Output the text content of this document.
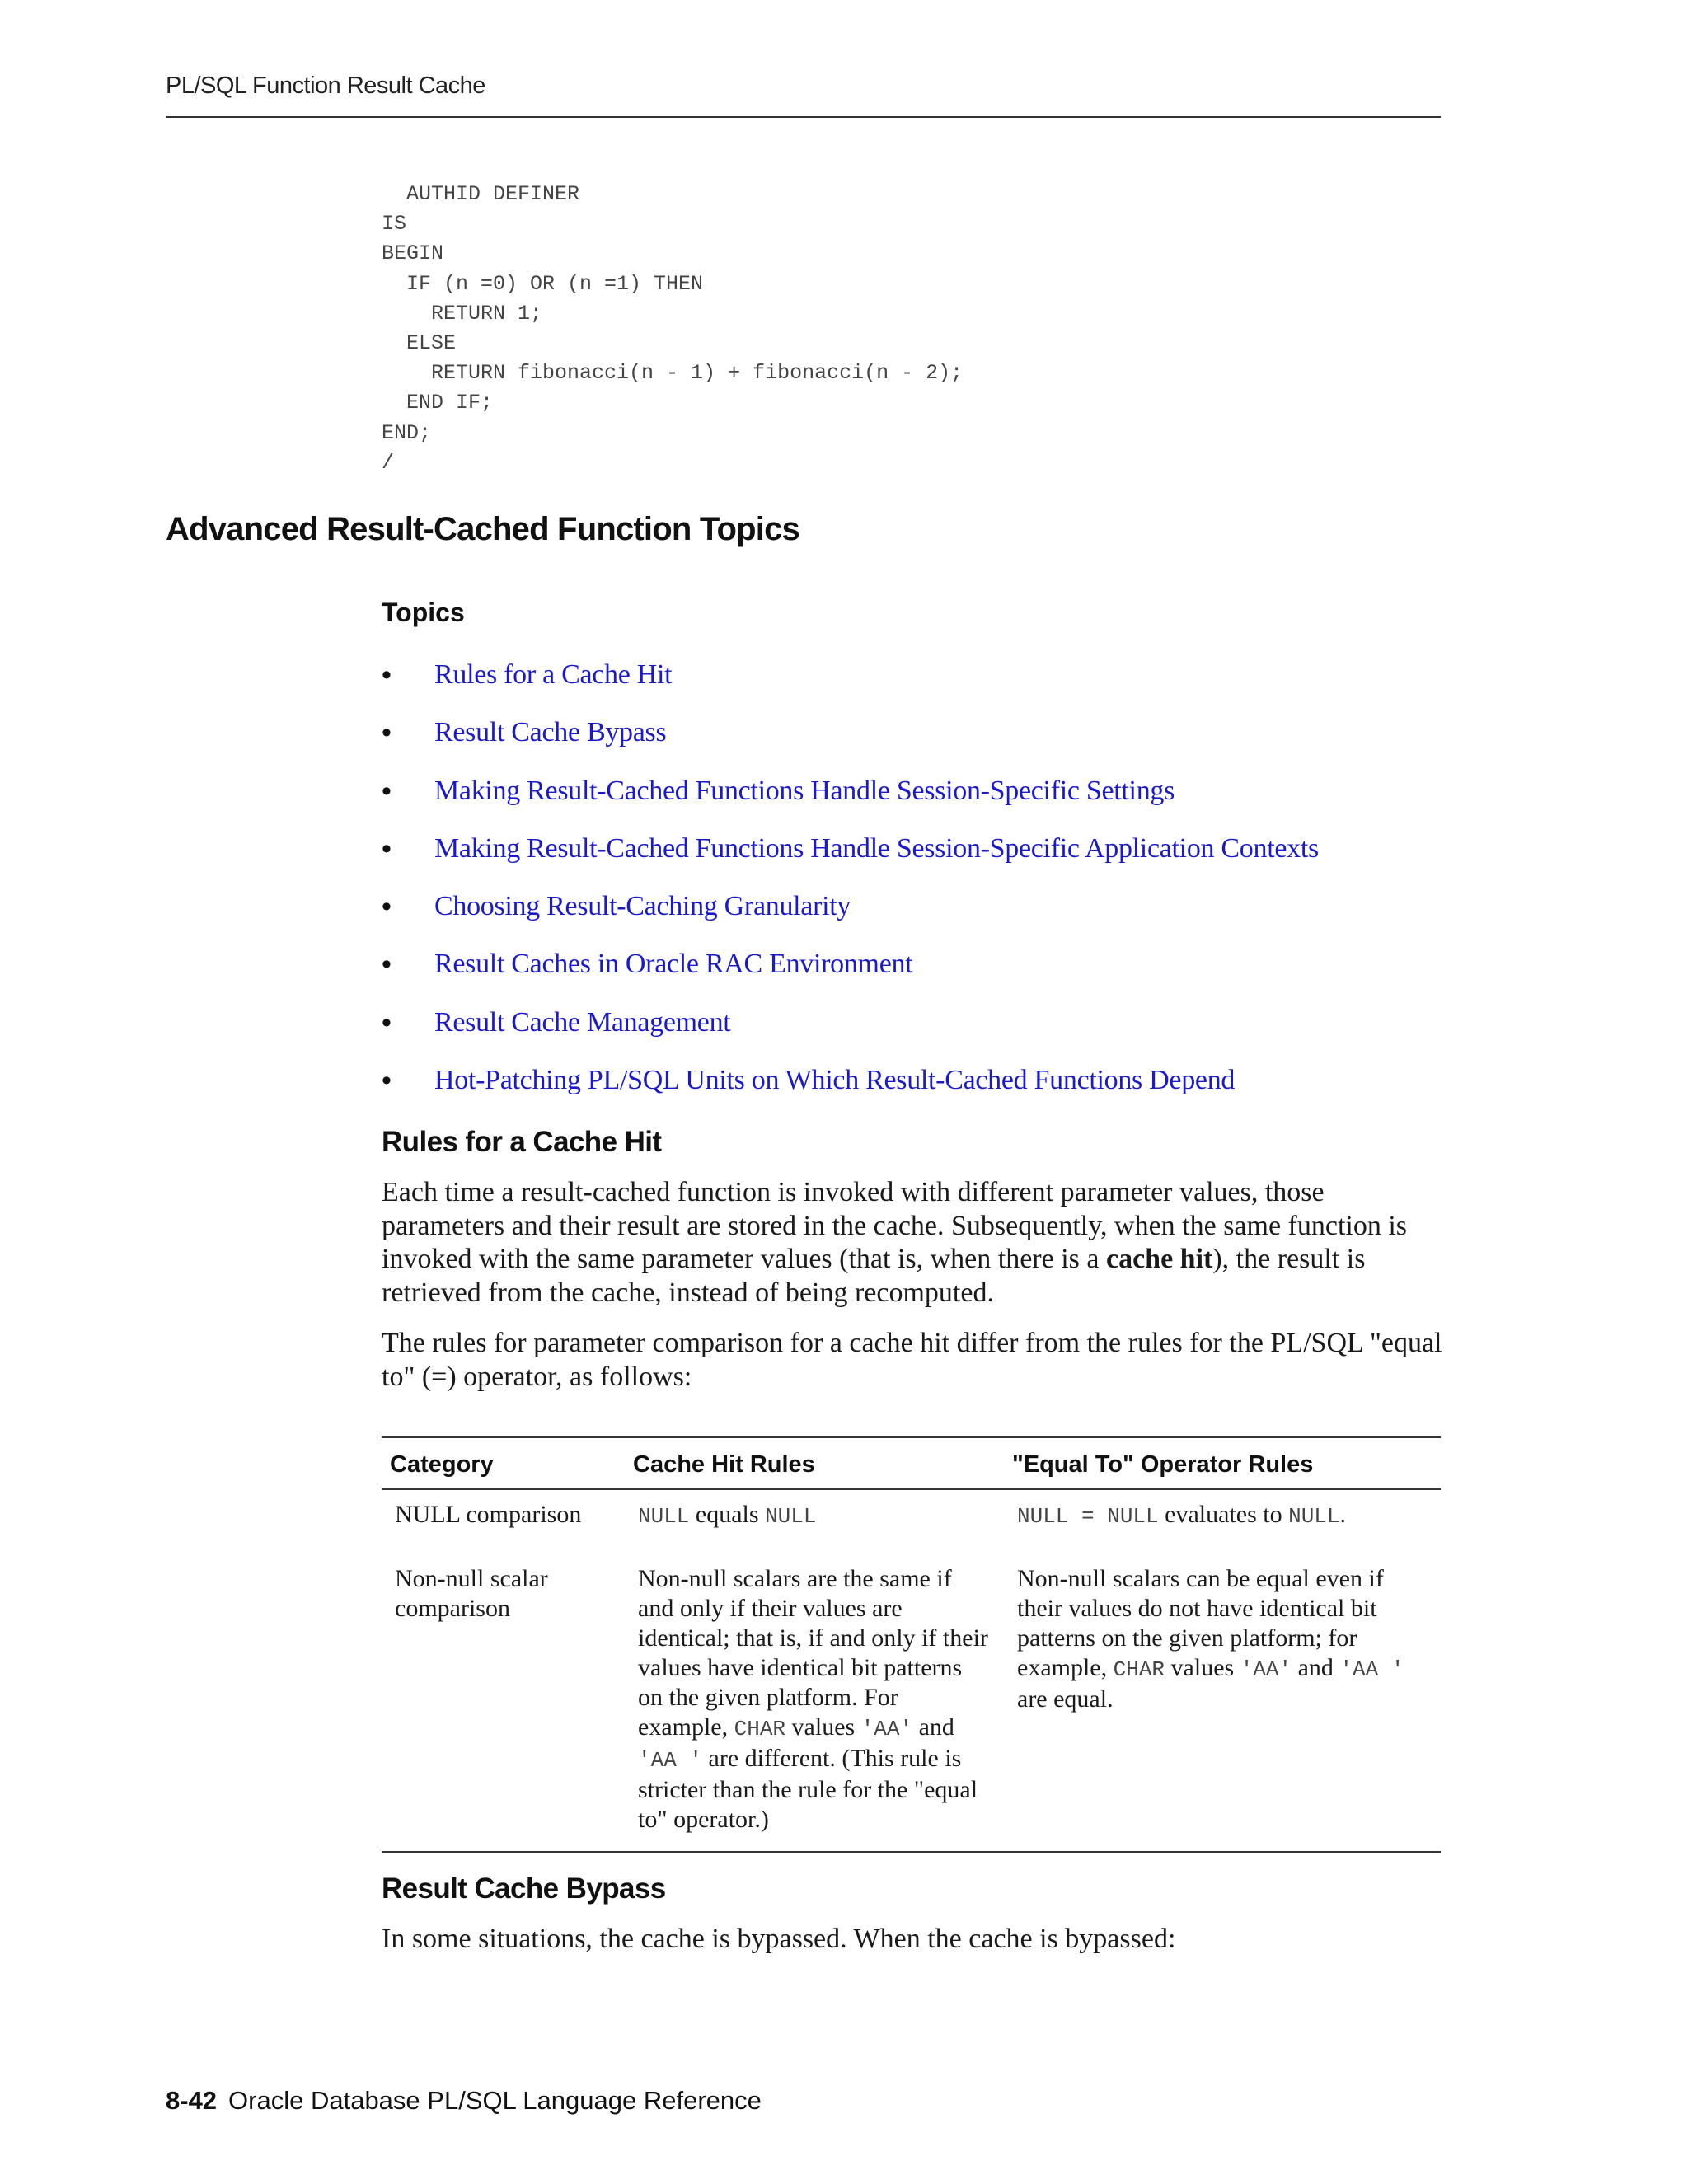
PL/SQL Function Result Cache
AUTHID DEFINER
IS
BEGIN
IF (n =0) OR (n =1) THEN
RETURN 1;
ELSE
RETURN fibonacci(n - 1) + fibonacci(n - 2);
END IF;
END;
/
Advanced Result-Cached Function Topics
Topics
• Rules for a Cache Hit
• Result Cache Bypass
• Making Result-Cached Functions Handle Session-Specific Settings
• Making Result-Cached Functions Handle Session-Specific Application Contexts
• Choosing Result-Caching Granularity
• Result Caches in Oracle RAC Environment
• Result Cache Management
• Hot-Patching PL/SQL Units on Which Result-Cached Functions Depend
Rules for a Cache Hit

Each time a result-cached function is invoked with different parameter values, those parameters and their result are stored in the cache. Subsequently, when the same function is invoked with the same parameter values (that is, when there is a cache hit), the result is retrieved from the cache, instead of being recomputed.

The rules for parameter comparison for a cache hit differ from the rules for the PL/SQL "equal to" (=) operator, as follows:

Category	Cache Hit Rules	"Equal To" Operator Rules
NULL comparison	NULL equals NULL	NULL = NULL evaluates to NULL.
Non-null scalar comparison	Non-null scalars are the same if and only if their values are identical; that is, if and only if their values have identical bit patterns on the given platform. For example, CHAR values 'AA' and 'AA ' are different. (This rule is stricter than the rule for the "equal to" operator.)	Non-null scalars can be equal even if their values do not have identical bit patterns on the given platform; for example, CHAR values 'AA' and 'AA ' are equal.
Result Cache Bypass

In some situations, the cache is bypassed. When the cache is bypassed:

8-42 Oracle Database PL/SQL Language Reference
